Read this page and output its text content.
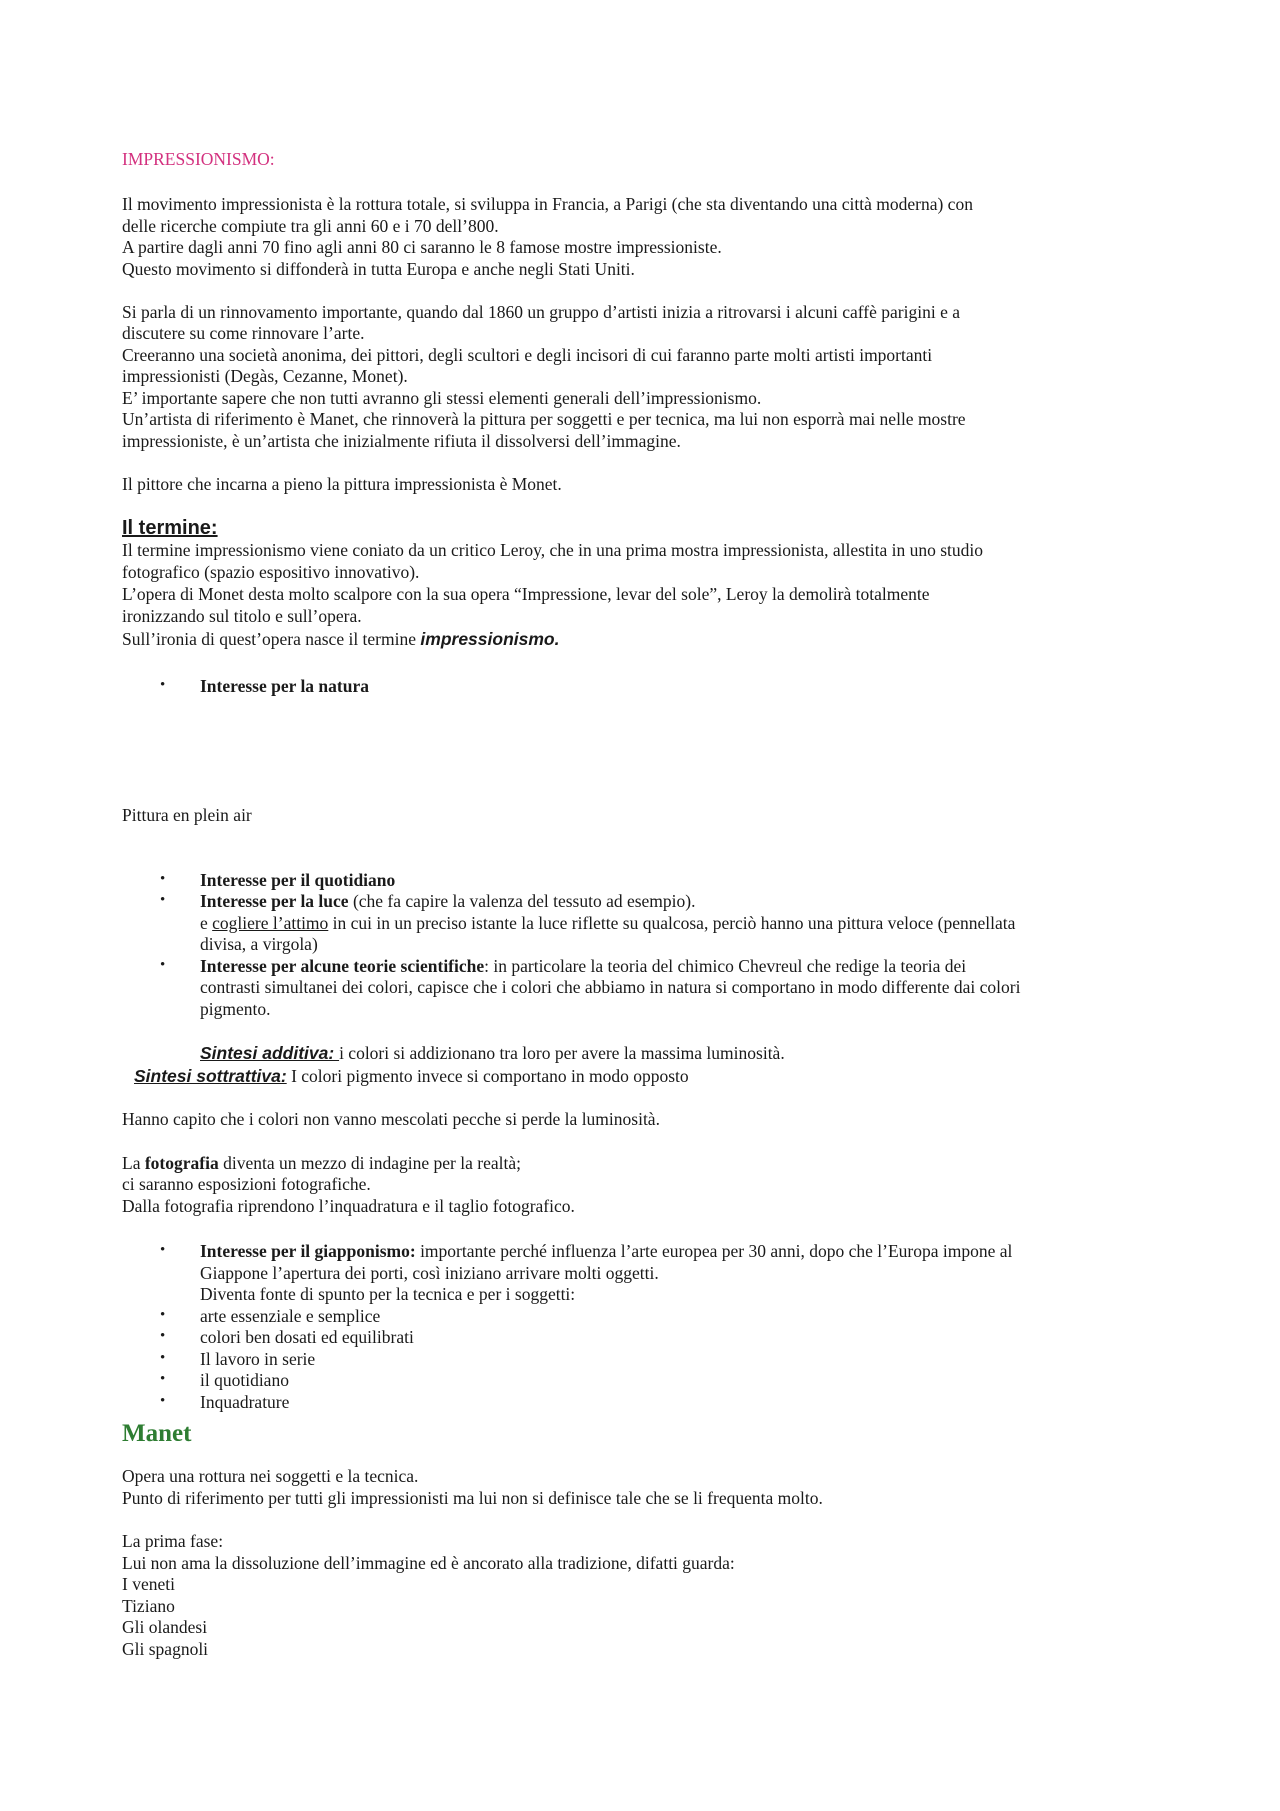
IMPRESSIONISMO:

Il movimento impressionista è la rottura totale, si sviluppa in Francia, a Parigi (che sta diventando una città moderna) con

delle ricerche compiute tra gli anni 60 e i 70 dell’800.

A partire dagli anni 70 fino agli anni 80 ci saranno le 8 famose mostre impressioniste.

Questo movimento si diffonderà in tutta Europa e anche negli Stati Uniti.

Si parla di un rinnovamento importante, quando dal 1860 un gruppo d’artisti inizia a ritrovarsi i alcuni caffè parigini e a

discutere su come rinnovare l’arte.

Creeranno una società anonima, dei pittori, degli scultori e degli incisori di cui faranno parte molti artisti importanti

impressionisti (Degàs, Cezanne, Monet).

E’ importante sapere che non tutti avranno gli stessi elementi generali dell’impressionismo.

Un’artista di riferimento è Manet, che rinnoverà la pittura per soggetti e per tecnica, ma lui non esporrà mai nelle mostre

impressioniste, è un’artista che inizialmente rifiuta il dissolversi dell’immagine.

Il pittore che incarna a pieno la pittura impressionista è Monet.

Il termine:

Il termine impressionismo viene coniato da un critico Leroy, che in una prima mostra impressionista, allestita in uno studio

fotografico (spazio espositivo innovativo).

L’opera di Monet desta molto scalpore con la sua opera “Impressione, levar del sole”, Leroy la demolirà totalmente

ironizzando sul titolo e sull’opera.

Sull’ironia di quest’opera nasce il termine impressionismo.

• Interesse per la natura

Pittura en plein air

• Interesse per il quotidiano

• Interesse per la luce (che fa capire la valenza del tessuto ad esempio).

e cogliere l’attimo in cui in un preciso istante la luce riflette su qualcosa, perciò hanno una pittura veloce (pennellata

divisa, a virgola)

• Interesse per alcune teorie scientifiche: in particolare la teoria del chimico Chevreul che redige la teoria dei

contrasti simultanei dei colori, capisce che i colori che abbiamo in natura si comportano in modo differente dai colori

pigmento.

Sintesi additiva: i colori si addizionano tra loro per avere la massima luminosità.

Sintesi sottrattiva: I colori pigmento invece si comportano in modo opposto

Hanno capito che i colori non vanno mescolati pecche si perde la luminosità.

La fotografia diventa un mezzo di indagine per la realtà;

ci saranno esposizioni fotografiche.

Dalla fotografia riprendono l’inquadratura e il taglio fotografico.

• Interesse per il giapponismo: importante perché influenza l’arte europea per 30 anni, dopo che l’Europa impone al

Giappone l’apertura dei porti, così iniziano arrivare molti oggetti.

Diventa fonte di spunto per la tecnica e per i soggetti:

• arte essenziale e semplice

• colori ben dosati ed equilibrati

• Il lavoro in serie

• il quotidiano

• Inquadrature

Manet

Opera una rottura nei soggetti e la tecnica.

Punto di riferimento per tutti gli impressionisti ma lui non si definisce tale che se li frequenta molto.

La prima fase:

Lui non ama la dissoluzione dell’immagine ed è ancorato alla tradizione, difatti guarda:

I veneti

Tiziano

Gli olandesi

Gli spagnoli
